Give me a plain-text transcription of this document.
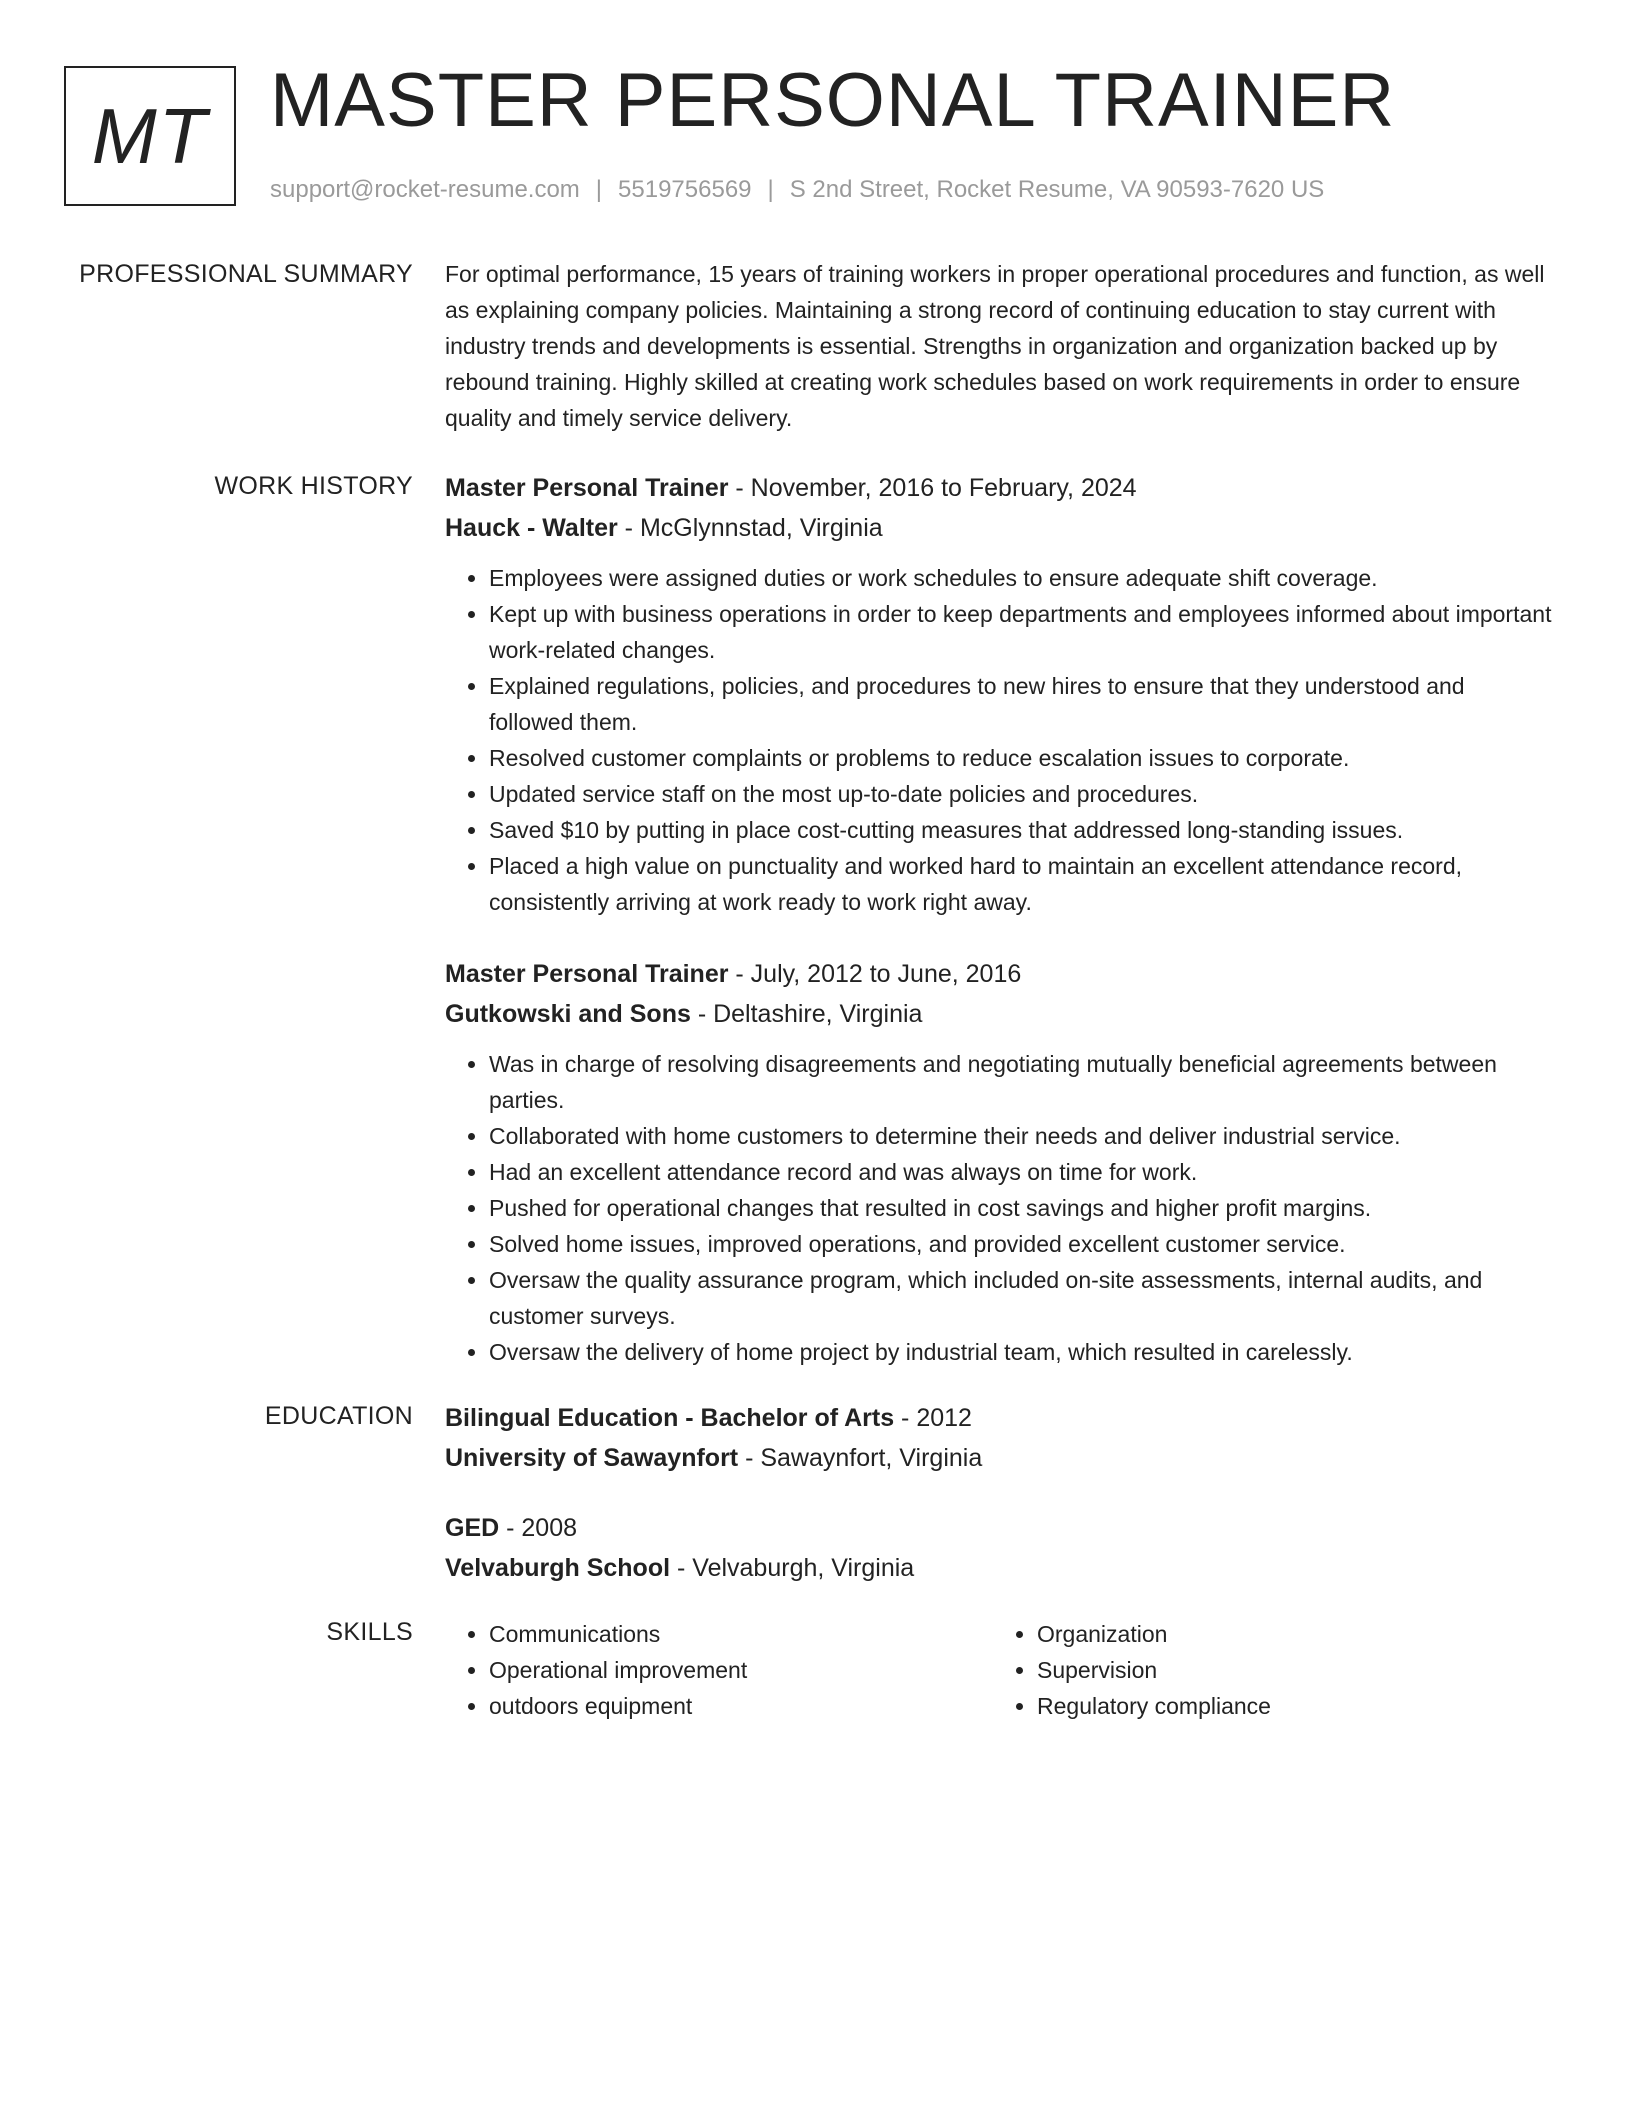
MT MASTER PERSONAL TRAINER
support@rocket-resume.com | 5519756569 | S 2nd Street, Rocket Resume, VA 90593-7620 US
PROFESSIONAL SUMMARY For optimal performance, 15 years of training workers in proper operational procedures and function, as well as explaining company policies. Maintaining a strong record of continuing education to stay current with industry trends and developments is essential. Strengths in organization and organization backed up by rebound training. Highly skilled at creating work schedules based on work requirements in order to ensure quality and timely service delivery.

WORK HISTORY Master Personal Trainer - November, 2016 to February, 2024
Hauck - Walter - McGlynnstad, Virginia
• Employees were assigned duties or work schedules to ensure adequate shift coverage.
• Kept up with business operations in order to keep departments and employees informed about important work-related changes.
• Explained regulations, policies, and procedures to new hires to ensure that they understood and followed them.
• Resolved customer complaints or problems to reduce escalation issues to corporate.
• Updated service staff on the most up-to-date policies and procedures.
• Saved $10 by putting in place cost-cutting measures that addressed long-standing issues.
• Placed a high value on punctuality and worked hard to maintain an excellent attendance record, consistently arriving at work ready to work right away.
Master Personal Trainer - July, 2012 to June, 2016
Gutkowski and Sons - Deltashire, Virginia
• Was in charge of resolving disagreements and negotiating mutually beneficial agreements between parties.
• Collaborated with home customers to determine their needs and deliver industrial service.
• Had an excellent attendance record and was always on time for work.
• Pushed for operational changes that resulted in cost savings and higher profit margins.
• Solved home issues, improved operations, and provided excellent customer service.
• Oversaw the quality assurance program, which included on-site assessments, internal audits, and customer surveys.
• Oversaw the delivery of home project by industrial team, which resulted in carelessly.
EDUCATION Bilingual Education - Bachelor of Arts - 2012
University of Sawaynfort - Sawaynfort, Virginia
GED - 2008
Velvaburgh School - Velvaburgh, Virginia
SKILLS
•	Communications
• Operational improvement
• outdoors equipment
• Organization
• Supervision
• Regulatory compliance
